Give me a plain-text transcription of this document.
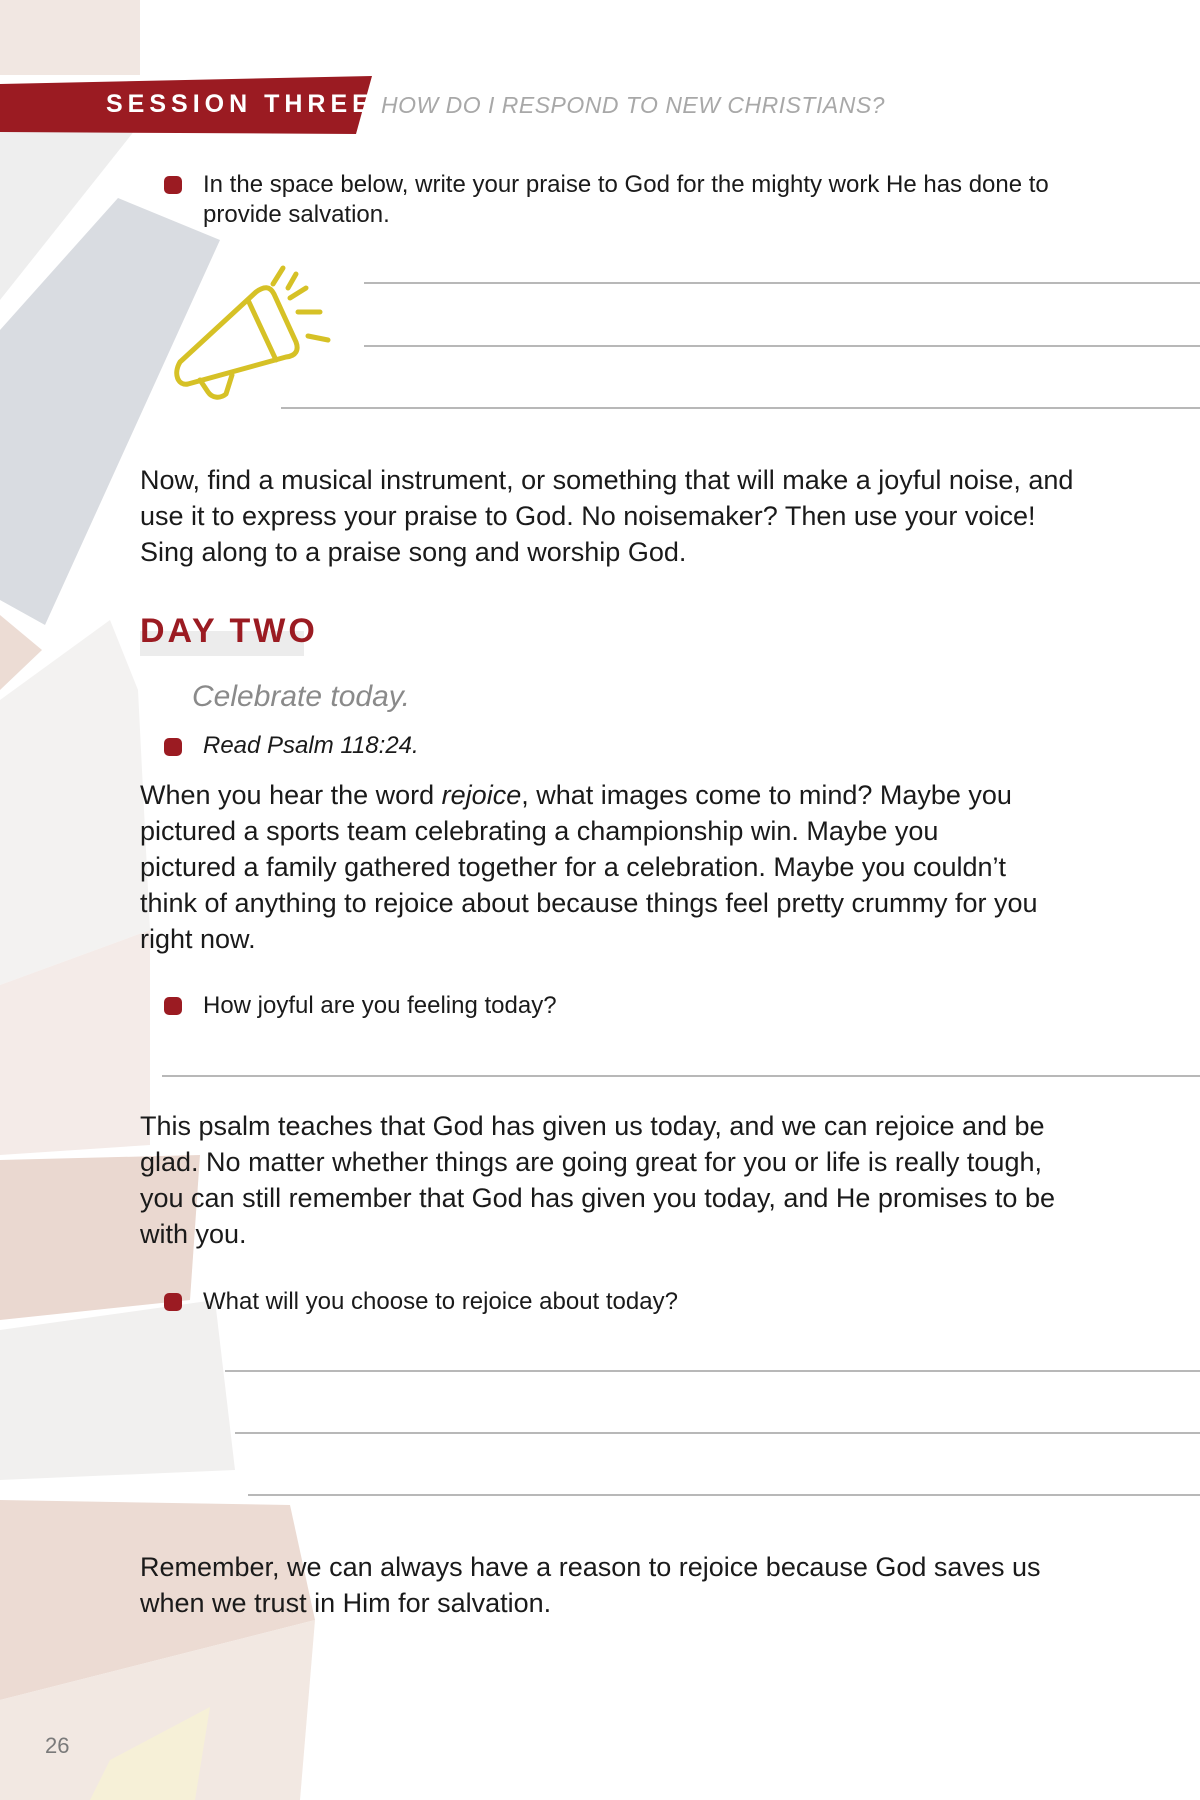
SESSION THREE HOW DO I RESPOND TO NEW CHRISTIANS?
In the space below, write your praise to God for the mighty work He has done to provide salvation.
Now, find a musical instrument, or something that will make a joyful noise, and use it to express your praise to God. No noisemaker? Then use your voice! Sing along to a praise song and worship God.
DAY TWO
Celebrate today.
Read Psalm 118:24.
When you hear the word rejoice, what images come to mind? Maybe you pictured a sports team celebrating a championship win. Maybe you pictured a family gathered together for a celebration. Maybe you couldn’t think of anything to rejoice about because things feel pretty crummy for you right now.
How joyful are you feeling today?
This psalm teaches that God has given us today, and we can rejoice and be glad. No matter whether things are going great for you or life is really tough, you can still remember that God has given you today, and He promises to be with you.
What will you choose to rejoice about today?
Remember, we can always have a reason to rejoice because God saves us when we trust in Him for salvation.
26
